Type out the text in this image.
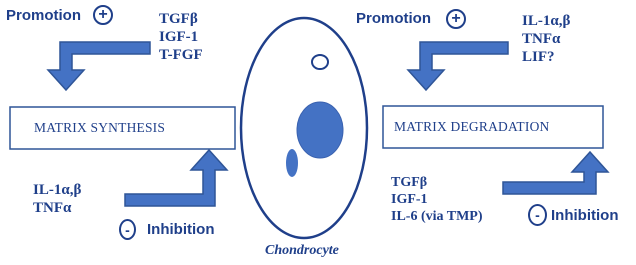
Promotion +	TGFβ
IGF-1
T-FGF
Promotion +	IL-1α,β
TNFα
LIF?
MATRIX SYNTHESIS	MATRIX DEGRADATION
IL-1α,β
TNFα
- Inhibition
TGFβ
IGF-1
IL-6 (via TMP)	- Inhibition
Chondrocyte
